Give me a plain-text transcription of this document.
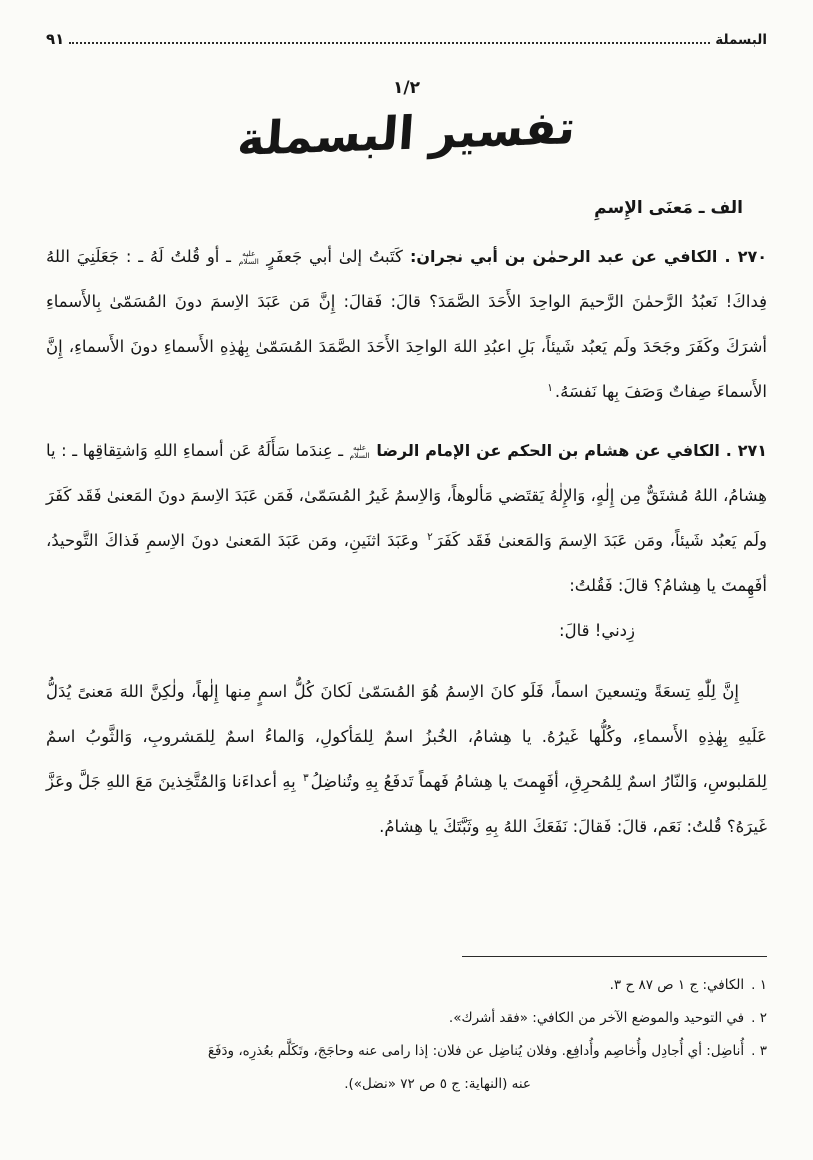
البسملة
٩١
١/٢
تفسير البسملة
الف ـ مَعنَى الإِسمِ

٢٧٠ . الكافي عن عبد الرحمٰن بن أبي نجران: كَتَبتُ إلىٰ أبي جَعفَرٍ عليه السلام ـ أو قُلتُ لَهُ ـ : جَعَلَنِيَ اللهُ فِداكَ! نَعبُدُ الرَّحمٰنَ الرَّحيمَ الواحِدَ الأَحَدَ الصَّمَدَ؟ قالَ: فَقالَ: إِنَّ مَن عَبَدَ الاِسمَ دونَ المُسَمّىٰ بِالأَسماءِ أشرَكَ وكَفَرَ وجَحَدَ ولَم يَعبُد شَيئاً، بَلِ اعبُدِ اللهَ الواحِدَ الأَحَدَ الصَّمَدَ المُسَمّىٰ بِهٰذِهِ الأَسماءِ دونَ الأَسماءِ، إِنَّ الأَسماءَ صِفاتٌ وَصَفَ بِها نَفسَهُ.$^١$

٢٧١ . الكافي عن هشام بن الحكم عن الإمام الرضا عليه السلام ـ عِندَما سَأَلَهُ عَن أسماءِ اللهِ وَاشتِقاقِها ـ : يا هِشامُ، اللهُ مُشتَقٌّ مِن إِلٰهٍ، وَالإِلٰهُ يَقتَضي مَألوهاً، وَالاِسمُ غَيرُ المُسَمّىٰ، فَمَن عَبَدَ الاِسمَ دونَ المَعنىٰ فَقَد كَفَرَ ولَم يَعبُد شَيئاً، ومَن عَبَدَ الاِسمَ وَالمَعنىٰ فَقَد كَفَرَ$^٢$ وعَبَدَ اثنَينِ، ومَن عَبَدَ المَعنىٰ دونَ الاِسمِ فَذاكَ التَّوحيدُ، أفَهِمتَ يا هِشامُ؟ قالَ: فَقُلتُ:

زِدني! قالَ:

إِنَّ لِلّٰهِ تِسعَةً وتِسعينَ اسماً، فَلَو كانَ الاِسمُ هُوَ المُسَمّىٰ لَكانَ كُلُّ اسمٍ مِنها إِلٰهاً، ولٰكِنَّ اللهَ مَعنىً يُدَلُّ عَلَيهِ بِهٰذِهِ الأَسماءِ، وكُلُّها غَيرُهُ. يا هِشامُ، الخُبزُ اسمٌ لِلمَأكولِ، وَالماءُ اسمٌ لِلمَشروبِ، وَالثَّوبُ اسمٌ لِلمَلبوسِ، وَالنّارُ اسمٌ لِلمُحرِقِ، أفَهِمتَ يا هِشامُ فَهماً تَدفَعُ بِهِ وتُناضِلُ$^٣$ بِهِ أعداءَنا وَالمُتَّخِذينَ مَعَ اللهِ جَلَّ وعَزَّ غَيرَهُ؟ قُلتُ: نَعَم، قالَ: فَقالَ: نَفَعَكَ اللهُ بِهِ وثَبَّتَكَ يا هِشامُ.

١ .الكافي: ج ١ ص ٨٧ ح ٣.
٢ .في التوحيد والموضع الآخر من الكافي: «فقد أشرك».
٣ .أُناضِل: أي أُجادِل وأُخاصِم وأُدافِع. وفلان يُناضِل عن فلان: إذا رامى عنه وحاجَجَ، وتَكَلَّم بعُذرِه، ودَفَعَ
عنه (النهاية: ج ٥ ص ٧٢ «نضل»).
